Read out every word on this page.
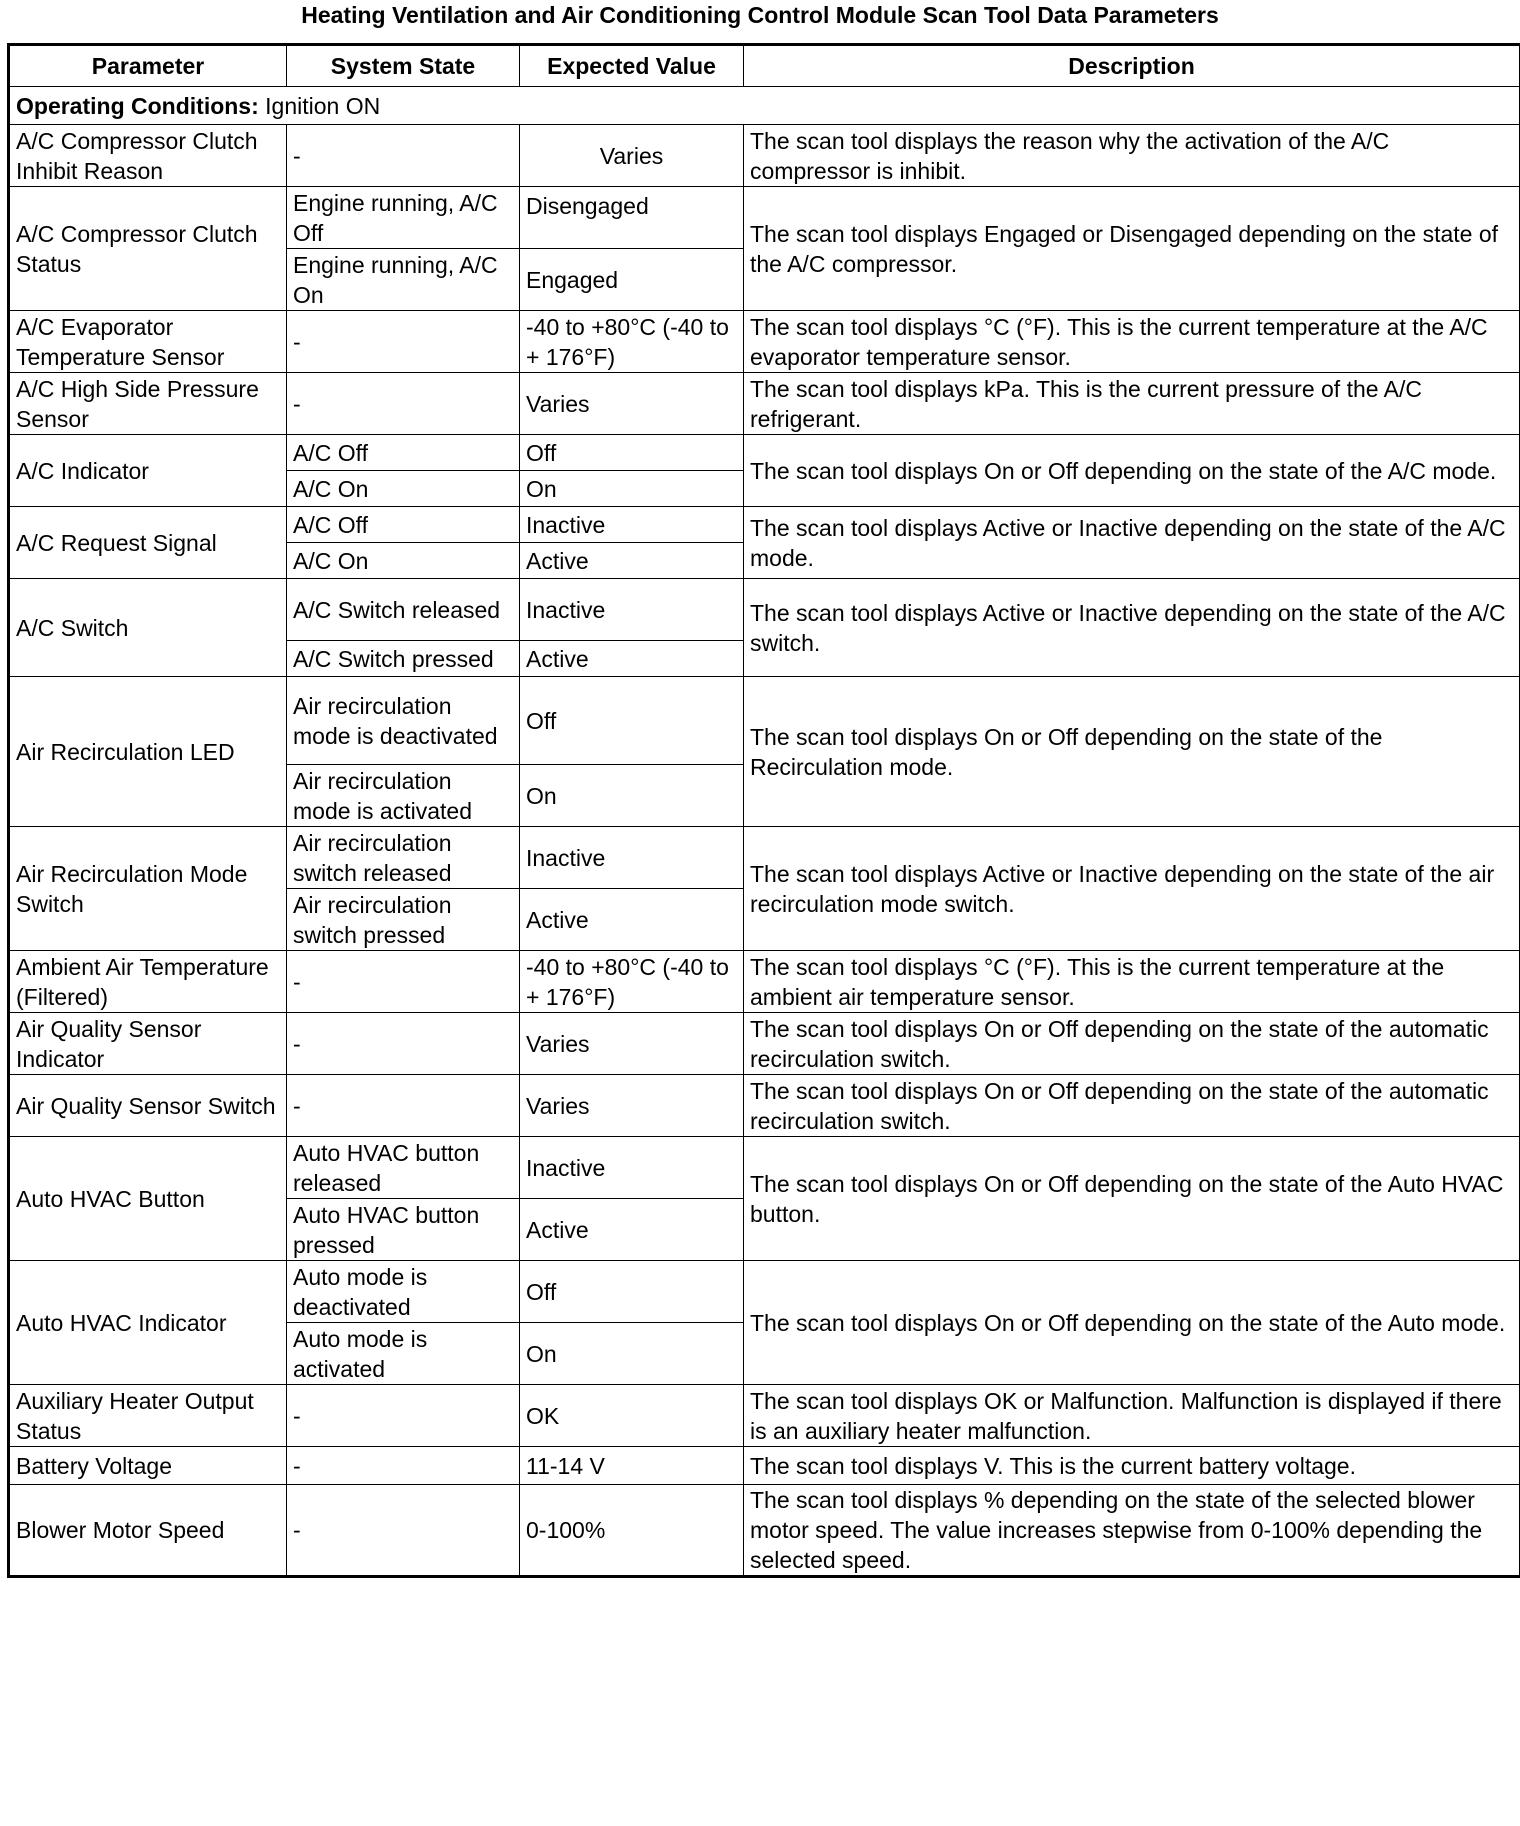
Heating Ventilation and Air Conditioning Control Module Scan Tool Data Parameters
Parameter	System State	Expected Value	Description
Operating Conditions: Ignition ON			
A/C Compressor Clutch Inhibit Reason	-	Varies	The scan tool displays the reason why the activation of the A/C compressor is inhibit.
A/C Compressor Clutch Status	Engine running, A/C Off	Disengaged	The scan tool displays Engaged or Disengaged depending on the state of the A/C compressor.
	Engine running, A/C On	Engaged	
A/C Evaporator Temperature Sensor	-	-40 to +80°C (-40 to + 176°F)	The scan tool displays °C (°F). This is the current temperature at the A/C evaporator temperature sensor.
A/C High Side Pressure Sensor	-	Varies	The scan tool displays kPa. This is the current pressure of the A/C refrigerant.
A/C Indicator	A/C Off	Off	The scan tool displays On or Off depending on the state of the A/C mode.
	A/C On	On	
A/C Request Signal	A/C Off	Inactive	The scan tool displays Active or Inactive depending on the state of the A/C mode.
	A/C On	Active	
A/C Switch	A/C Switch released	Inactive	The scan tool displays Active or Inactive depending on the state of the A/C switch.
	A/C Switch pressed	Active	
Air Recirculation LED	Air recirculation mode is deactivated	Off	The scan tool displays On or Off depending on the state of the Recirculation mode.
	Air recirculation mode is activated	On	
Air Recirculation Mode Switch	Air recirculation switch released	Inactive	The scan tool displays Active or Inactive depending on the state of the air recirculation mode switch.
	Air recirculation switch pressed	Active	
Ambient Air Temperature (Filtered)	-	-40 to +80°C (-40 to + 176°F)	The scan tool displays °C (°F). This is the current temperature at the ambient air temperature sensor.
Air Quality Sensor Indicator	-	Varies	The scan tool displays On or Off depending on the state of the automatic recirculation switch.
Air Quality Sensor Switch	-	Varies	The scan tool displays On or Off depending on the state of the automatic recirculation switch.
Auto HVAC Button	Auto HVAC button released	Inactive	The scan tool displays On or Off depending on the state of the Auto HVAC button.
	Auto HVAC button pressed	Active	
Auto HVAC Indicator	Auto mode is deactivated	Off	The scan tool displays On or Off depending on the state of the Auto mode.
	Auto mode is activated	On	
Auxiliary Heater Output Status	-	OK	The scan tool displays OK or Malfunction. Malfunction is displayed if there is an auxiliary heater malfunction.
Battery Voltage	-	11-14 V	The scan tool displays V. This is the current battery voltage.
Blower Motor Speed	-	0-100%	The scan tool displays % depending on the state of the selected blower motor speed. The value increases stepwise from 0-100% depending the selected speed.
